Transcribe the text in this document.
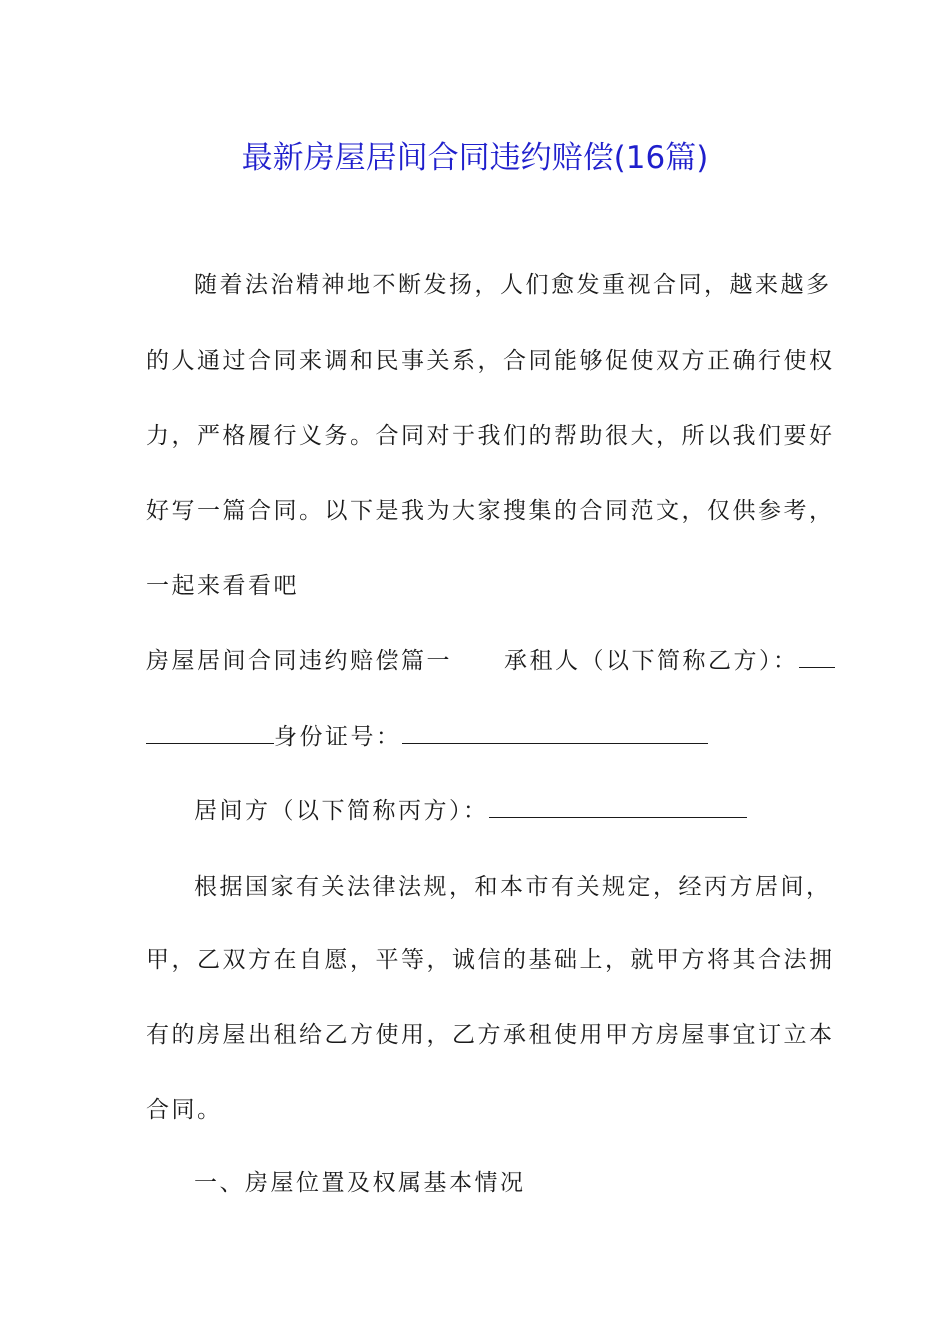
最新房屋居间合同违约赔偿(16篇)
随着法治精神地不断发扬，人们愈发重视合同，越来越多
的人通过合同来调和民事关系，合同能够促使双方正确行使权
力，严格履行义务。合同对于我们的帮助很大，所以我们要好
好写一篇合同。以下是我为大家搜集的合同范文，仅供参考，
一起来看看吧
房屋居间合同违约赔偿篇一 承租人（以下简称乙方）：
身份证号：
居间方（以下简称丙方）：
根据国家有关法律法规，和本市有关规定，经丙方居间，
甲，乙双方在自愿，平等，诚信的基础上，就甲方将其合法拥
有的房屋出租给乙方使用，乙方承租使用甲方房屋事宜订立本
合同。
一、房屋位置及权属基本情况
